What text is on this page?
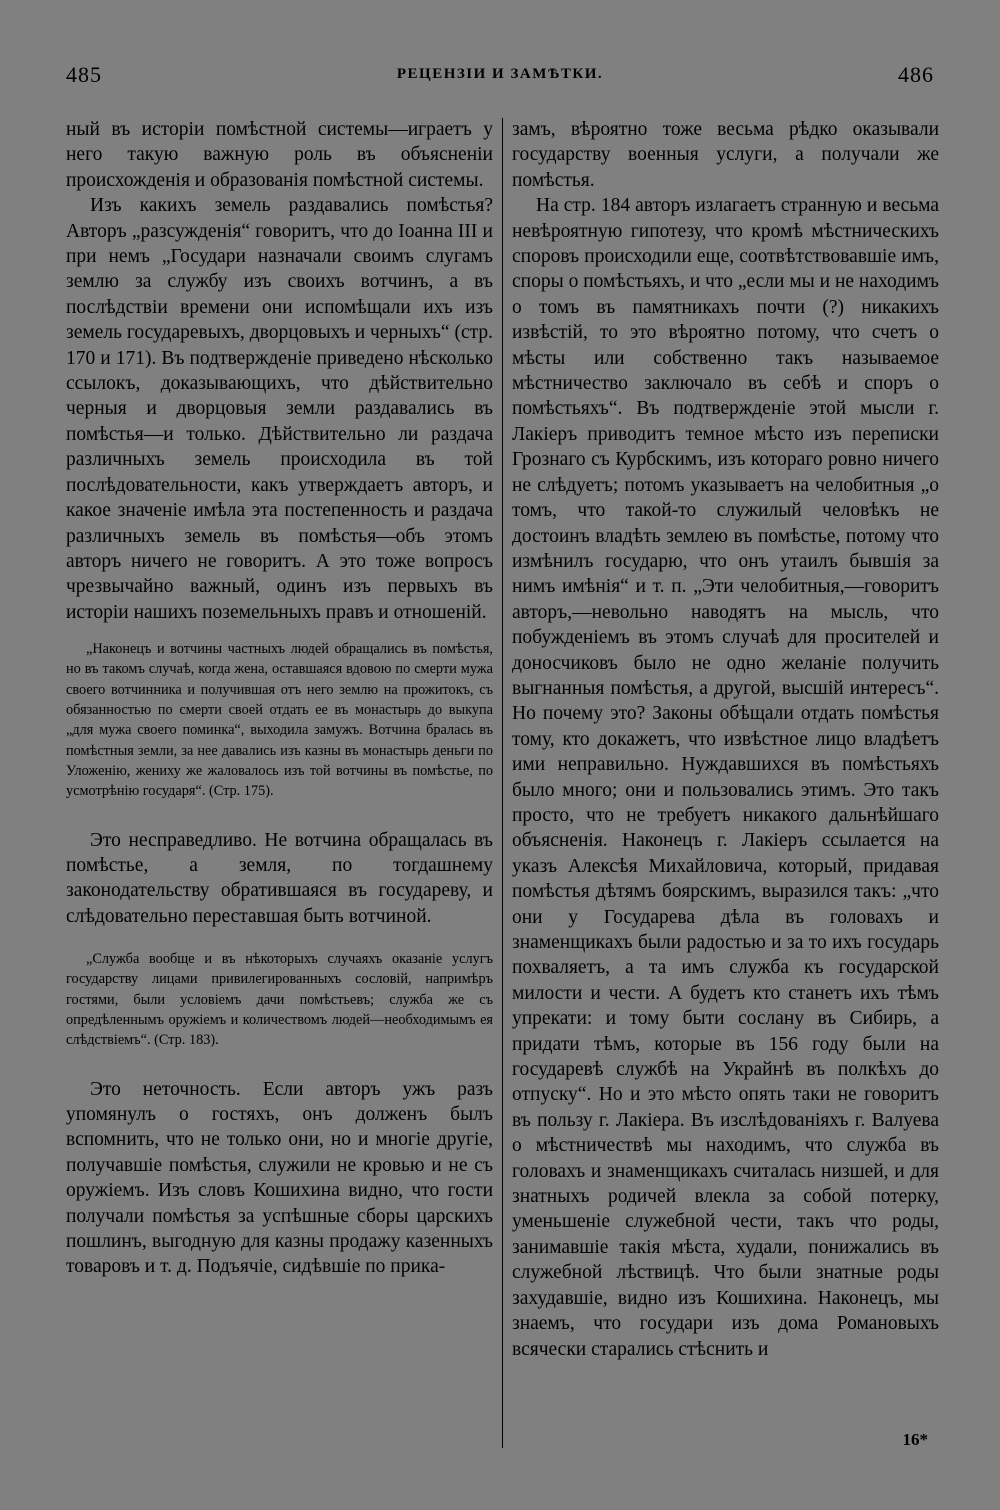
485	РЕЦЕНЗІИ И ЗАМѢТКИ.	486

ный въ исторіи помѣстной системы—играетъ у него такую важную роль въ объясненіи происхожденія и образованія помѣстной системы.

Изъ какихъ земель раздавались помѣстья? Авторъ „разсужденія“ говоритъ, что до Іоанна III и при немъ „Государи назначали своимъ слугамъ землю за службу изъ своихъ вотчинъ, а въ послѣдствіи времени они испомѣщали ихъ изъ земель государевыхъ, дворцовыхъ и черныхъ“ (стр. 170 и 171). Въ подтвержденіе приведено нѣсколько ссылокъ, доказывающихъ, что дѣйствительно черныя и дворцовыя земли раздавались въ помѣстья—и только. Дѣйствительно ли раздача различныхъ земель происходила въ той послѣдовательности, какъ утверждаетъ авторъ, и какое значеніе имѣла эта постепенность и раздача различныхъ земель въ помѣстья—объ этомъ авторъ ничего не говоритъ. А это тоже вопросъ чрезвычайно важный, одинъ изъ первыхъ въ исторіи нашихъ поземельныхъ правъ и отношеній.

„Наконецъ и вотчины частныхъ людей обращались въ помѣстья, но въ такомъ случаѣ, когда жена, оставшаяся вдовою по смерти мужа своего вотчинника и получившая отъ него землю на прожитокъ, съ обязанностью по смерти своей отдать ее въ монастырь до выкупа „для мужа своего поминка“, выходила замужъ. Вотчина бралась въ помѣстныя земли, за нее давались изъ казны въ монастырь деньги по Уложенію, жениху же жаловалось изъ той вотчины въ помѣстье, по усмотрѣнію государя“. (Стр. 175).

Это несправедливо. Не вотчина обращалась въ помѣстье, а земля, по тогдашнему законодательству обратившаяся въ государеву, и слѣдовательно переставшая быть вотчиной.

„Служба вообще и въ нѣкоторыхъ случаяхъ оказаніе услугъ государству лицами привилегированныхъ сословій, напримѣръ гостями, были условіемъ дачи помѣстьевъ; служба же съ опредѣленнымъ оружіемъ и количествомъ людей—необходимымъ ея слѣдствіемъ“. (Стр. 183).

Это неточность. Если авторъ ужъ разъ упомянулъ о гостяхъ, онъ долженъ былъ вспомнить, что не только они, но и многіе другіе, получавшіе помѣстья, служили не кровью и не съ оружіемъ. Изъ словъ Кошихина видно, что гости получали помѣстья за успѣшные сборы царскихъ пошлинъ, выгодную для казны продажу казенныхъ товаровъ и т. д. Подъячіе, сидѣвшіе по прика-

замъ, вѣроятно тоже весьма рѣдко оказывали государству военныя услуги, а получали же помѣстья.

На стр. 184 авторъ излагаетъ странную и весьма невѣроятную гипотезу, что кромѣ мѣстническихъ споровъ происходили еще, соотвѣтствовавшіе имъ, споры о помѣстьяхъ, и что „если мы и не находимъ о томъ въ памятникахъ почти (?) никакихъ извѣстій, то это вѣроятно потому, что счетъ о мѣсты или собственно такъ называемое мѣстничество заключало въ себѣ и споръ о помѣстьяхъ“. Въ подтвержденіе этой мысли г. Лакіеръ приводитъ темное мѣсто изъ переписки Грознаго съ Курбскимъ, изъ котораго ровно ничего не слѣдуетъ; потомъ указываетъ на челобитныя „о томъ, что такой-то служилый человѣкъ не достоинъ владѣть землею въ помѣстье, потому что измѣнилъ государю, что онъ утаилъ бывшія за нимъ имѣнія“ и т. п. „Эти челобитныя,—говоритъ авторъ,—невольно наводятъ на мысль, что побужденіемъ въ этомъ случаѣ для просителей и доносчиковъ было не одно желаніе получить выгнанныя помѣстья, а другой, высшій интересъ“. Но почему это? Законы обѣщали отдать помѣстья тому, кто докажетъ, что извѣстное лицо владѣетъ ими неправильно. Нуждавшихся въ помѣстьяхъ было много; они и пользовались этимъ. Это такъ просто, что не требуетъ никакого дальнѣйшаго объясненія. Наконецъ г. Лакіеръ ссылается на указъ Алексѣя Михайловича, который, придавая помѣстья дѣтямъ боярскимъ, выразился такъ: „что они у Государева дѣла въ головахъ и знаменщикахъ были радостью и за то ихъ государь похваляетъ, а та имъ служба къ государской милости и чести. А будетъ кто станетъ ихъ тѣмъ упрекати: и тому быти сослану въ Сибирь, а придати тѣмъ, которые въ 156 году были на государевѣ службѣ на Украйнѣ въ полкѣхъ до отпуску“. Но и это мѣсто опять таки не говоритъ въ пользу г. Лакіера. Въ изслѣдованіяхъ г. Валуева о мѣстничествѣ мы находимъ, что служба въ головахъ и знаменщикахъ считалась низшей, и для знатныхъ родичей влекла за собой потерку, уменьшеніе служебной чести, такъ что роды, занимавшіе такія мѣста, худали, понижались въ служебной лѣствицѣ. Что были знатные роды захудавшіе, видно изъ Кошихина. Наконецъ, мы знаемъ, что государи изъ дома Романовыхъ всячески старались стѣснить и

16*
